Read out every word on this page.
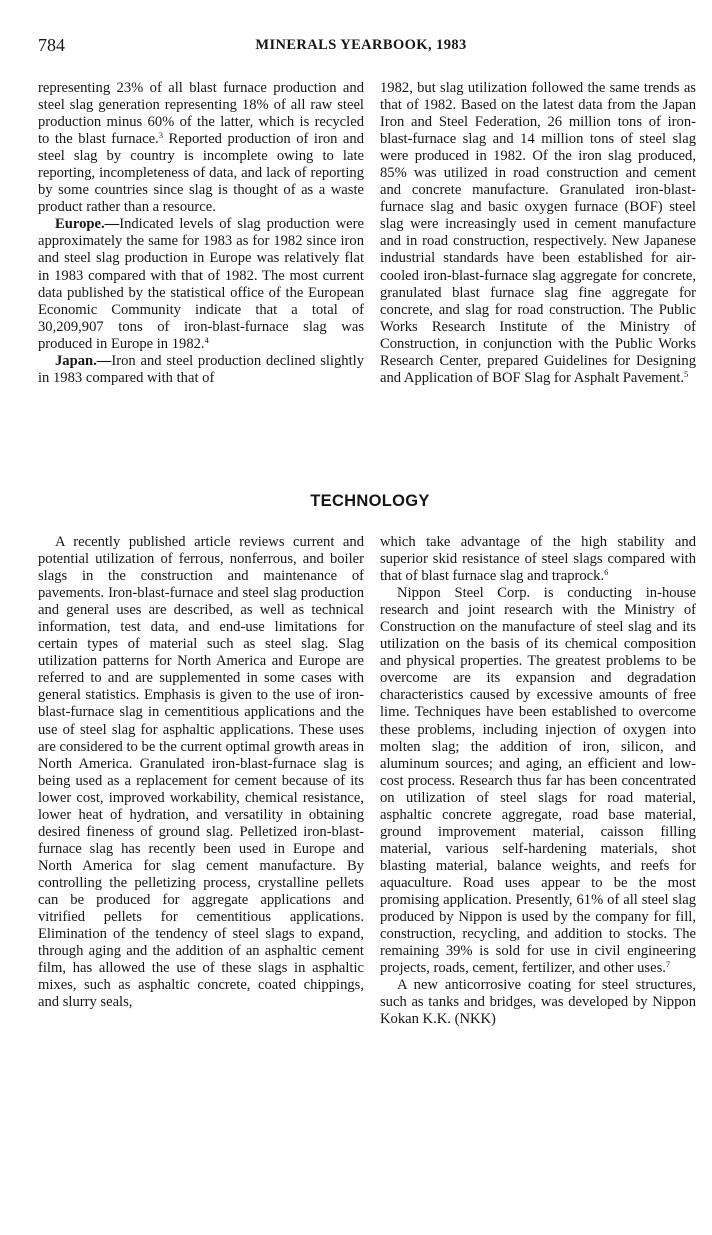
784	MINERALS YEARBOOK, 1983

representing 23% of all blast furnace production and steel slag generation representing 18% of all raw steel production minus 60% of the latter, which is recycled to the blast furnace.$^3$ Reported production of iron and steel slag by country is incomplete owing to late reporting, incompleteness of data, and lack of reporting by some countries since slag is thought of as a waste product rather than a resource.

Europe.—Indicated levels of slag production were approximately the same for 1983 as for 1982 since iron and steel slag production in Europe was relatively flat in 1983 compared with that of 1982. The most current data published by the statistical office of the European Economic Community indicate that a total of 30,209,907 tons of iron-blast-furnace slag was produced in Europe in 1982.$^4$

Japan.—Iron and steel production declined slightly in 1983 compared with that of

1982, but slag utilization followed the same trends as that of 1982. Based on the latest data from the Japan Iron and Steel Federation, 26 million tons of iron-blast-furnace slag and 14 million tons of steel slag were produced in 1982. Of the iron slag produced, 85% was utilized in road construction and cement and concrete manufacture. Granulated iron-blast-furnace slag and basic oxygen furnace (BOF) steel slag were increasingly used in cement manufacture and in road construction, respectively. New Japanese industrial standards have been established for air-cooled iron-blast-furnace slag aggregate for concrete, granulated blast furnace slag fine aggregate for concrete, and slag for road construction. The Public Works Research Institute of the Ministry of Construction, in conjunction with the Public Works Research Center, prepared Guidelines for Designing and Application of BOF Slag for Asphalt Pavement.$^5$

TECHNOLOGY

A recently published article reviews current and potential utilization of ferrous, nonferrous, and boiler slags in the construction and maintenance of pavements. Iron-blast-furnace and steel slag production and general uses are described, as well as technical information, test data, and end-use limitations for certain types of material such as steel slag. Slag utilization patterns for North America and Europe are referred to and are supplemented in some cases with general statistics. Emphasis is given to the use of iron-blast-furnace slag in cementitious applications and the use of steel slag for asphaltic applications. These uses are considered to be the current optimal growth areas in North America. Granulated iron-blast-furnace slag is being used as a replacement for cement because of its lower cost, improved workability, chemical resistance, lower heat of hydration, and versatility in obtaining desired fineness of ground slag. Pelletized iron-blast-furnace slag has recently been used in Europe and North America for slag cement manufacture. By controlling the pelletizing process, crystalline pellets can be produced for aggregate applications and vitrified pellets for cementitious applications. Elimination of the tendency of steel slags to expand, through aging and the addition of an asphaltic cement film, has allowed the use of these slags in asphaltic mixes, such as asphaltic concrete, coated chippings, and slurry seals,

which take advantage of the high stability and superior skid resistance of steel slags compared with that of blast furnace slag and traprock.$^6$

Nippon Steel Corp. is conducting in-house research and joint research with the Ministry of Construction on the manufacture of steel slag and its utilization on the basis of its chemical composition and physical properties. The greatest problems to be overcome are its expansion and degradation characteristics caused by excessive amounts of free lime. Techniques have been established to overcome these problems, including injection of oxygen into molten slag; the addition of iron, silicon, and aluminum sources; and aging, an efficient and low-cost process. Research thus far has been concentrated on utilization of steel slags for road material, asphaltic concrete aggregate, road base material, ground improvement material, caisson filling material, various self-hardening materials, shot blasting material, balance weights, and reefs for aquaculture. Road uses appear to be the most promising application. Presently, 61% of all steel slag produced by Nippon is used by the company for fill, construction, recycling, and addition to stocks. The remaining 39% is sold for use in civil engineering projects, roads, cement, fertilizer, and other uses.$^7$

A new anticorrosive coating for steel structures, such as tanks and bridges, was developed by Nippon Kokan K.K. (NKK)
